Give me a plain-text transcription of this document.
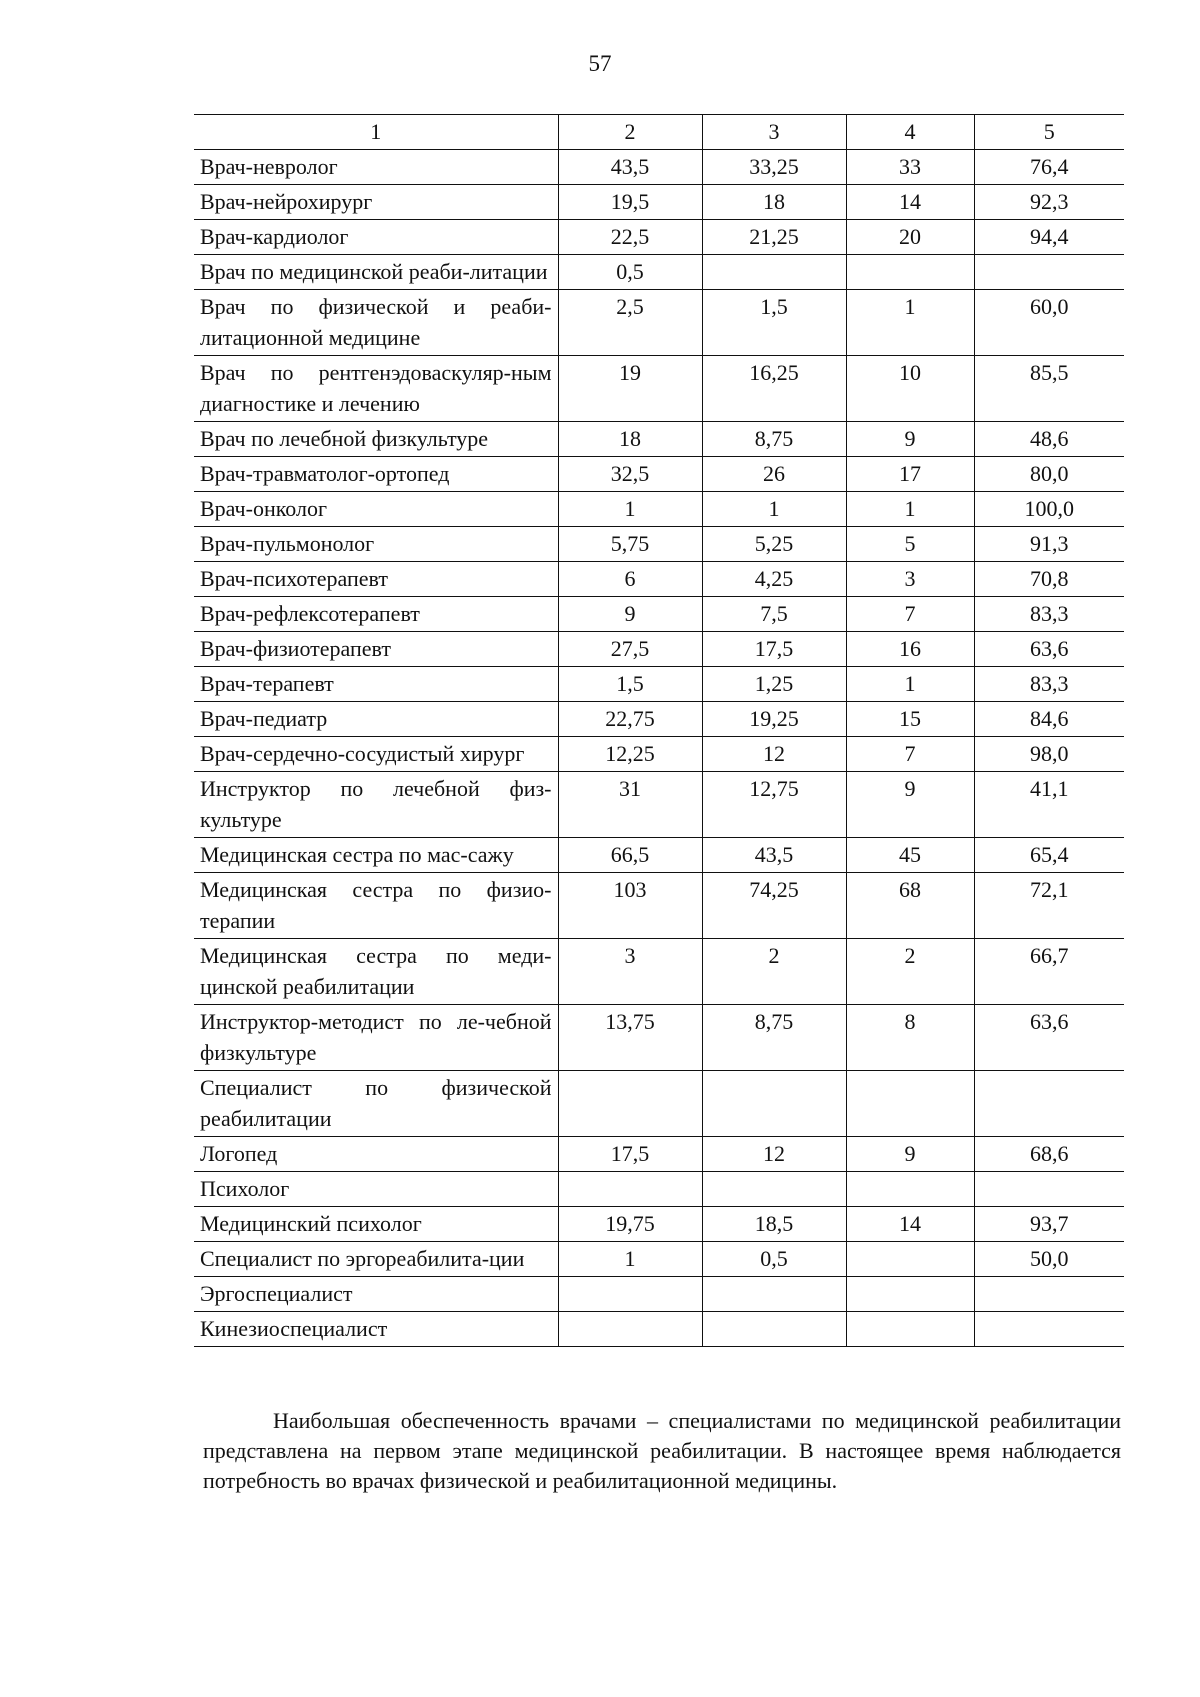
57
1	2	3	4	5
Врач-невролог	43,5	33,25	33	76,4
Врач-нейрохирург	19,5	18	14	92,3
Врач-кардиолог	22,5	21,25	20	94,4
Врач по медицинской реаби-литации	0,5			
Врач по физической и реаби-литационной медицине	2,5	1,5	1	60,0
Врач по рентгенэдоваскуляр-ным диагностике и лечению	19	16,25	10	85,5
Врач по лечебной физкультуре	18	8,75	9	48,6
Врач-травматолог-ортопед	32,5	26	17	80,0
Врач-онколог	1	1	1	100,0
Врач-пульмонолог	5,75	5,25	5	91,3
Врач-психотерапевт	6	4,25	3	70,8
Врач-рефлексотерапевт	9	7,5	7	83,3
Врач-физиотерапевт	27,5	17,5	16	63,6
Врач-терапевт	1,5	1,25	1	83,3
Врач-педиатр	22,75	19,25	15	84,6
Врач-сердечно-сосудистый хирург	12,25	12	7	98,0
Инструктор по лечебной физ-культуре	31	12,75	9	41,1
Медицинская сестра по мас-сажу	66,5	43,5	45	65,4
Медицинская сестра по физио-терапии	103	74,25	68	72,1
Медицинская сестра по меди-цинской реабилитации	3	2	2	66,7
Инструктор-методист по ле-чебной физкультуре	13,75	8,75	8	63,6
Специалист по физической реабилитации				
Логопед	17,5	12	9	68,6
Психолог				
Медицинский психолог	19,75	18,5	14	93,7
Специалист по эргореабилита-ции	1	0,5		50,0
Эргоспециалист				
Кинезиоспециалист				

Наибольшая обеспеченность врачами – специалистами по медицинской реабилитации представлена на первом этапе медицинской реабилитации. В настоящее время наблюдается потребность во врачах физической и реабилитационной медицины.
